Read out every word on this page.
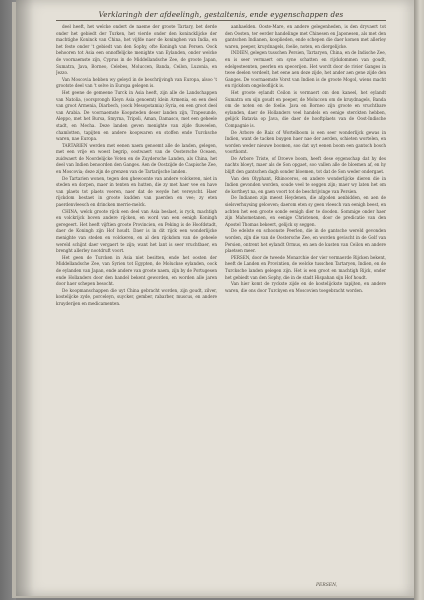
Verklaringh der afdeelingh, gestaltenis, ende eygenschappen des

deel heeft, het welcke ondert de naeme der groote Tartary, bet derde onder het gebiedt der Turken, het vierde onder den konincklijcke der machtighe Koninck van China, het vijfde naer de koninghen van India, en het feste onder 't gebiedt van den Sophy, ofte Koningh van Persen. Oock behooren tot Asia een onnoffelijcke menighte van Eylanden, onder welcke de voornaemste zijn, Cyprus in de Middellandsche Zee, de groote Japan, Sumatra, Java, Borneo, Celebes, Moluccen, Banda, Ceilon, Luzonia, en Jezzo.

Van Moscovia hebben wy geleyd in de beschrijvingh van Europa, alsoo 't grootste deel van 't selve in Europa gelegen is.

Het geene de gemeene Turck in Asia heeft, zijn alle de Landschappen van Natolia, (oorsprongh Kleyn Asia genoemt) klein Armenia, en een deel van groot Armenia, Diarbech, (oock Mesopotamia) Syria, en een groot deel van Arabia. De voornaemste Koopsteden deser landen zijn, Trapesunde, Aleppo, met het Bursa, Smyrna, Tripoli, Aman, Damasco, met een geheele stadt, en Mecha. Deze landen geven menighte van zijde fluweelen, chamlotten, tapijten en andere koopwaren en stoffen ende Turcksche waren, nae Europa.

TARTARIEN werden met eenen naem genoemt alle de landen, gelegen, met een vrije en woest begrip, oostwaert van de Oostersche Oceaen, zuidwaert de Noordelijcke Voten en de Zuydersche Landen, als China, het deel van Indien benoorden den Ganges. Aen de Oostzijde de Caspische Zee, en Moscovia; deze zijn de grenzen van de Tartarijsche landen.

De Tartarien wonen, tegen den ghewoonte van andere volckeren, niet in steden en dorpen, maer in tenten en hutten, die zy met haer vee en have van plaets tot plaets voeren, naer dat de weyde het vereyscht. Haer rijckdom bestaet in groote kudden van paerden en vee; zy eten paerdenvleesch en drincken merrie-melck.

CHINA, welck groote rijck een deel van Asia beslaet, is ryck, machtigh en volckrijck boven andere rijcken, en word van een eenigh Koningh geregeert. Het heeft vijftien groote Provincien, en Peking is de Hoofdstadt, daer de Koningh zijn Hof houdt. Daer is in dit rijck een wonderlijcke menighte van steden en volckeren, en al den rijckdom van de geheele wereld schijnt daer vergaert te zijn; want het lant is seer vruchtbaer, en brenght allerley nootdruft voort.

Het geen de Turcken in Asia niet besitten, ende het oosten der Middellandsche Zee, van Syrien tot Egypten, de Moluckse eylanden, oock de eylanden van Japan, ende andere van groote naem, zijn by de Portugesen ende Hollanders door den handel bekent geworden, en worden alle jaren door haer schepen besocht.

De koopmanschappen die uyt China gebracht worden, zijn goudt, zilver, kostelijcke zyde, porceleyn, suycker, gember, rabarber, muscus, en andere kruyderijen en medicamenten.

aanhaelden. Ooste-Mare, en andere gelegenheden, is den dryvaert tot den Oosten, ter eerder handelinge met Chinesen en Japonesen, als met den gantschen Indianen, kooplieden, ende schepen die daer komen met allerley waren, peeper, kruydnagels, foelie, noten, en diergelijcke.

INDIEN, gelegen tusschen Persien, Tartaryen, China, en de Indische Zee, en is seer vermaert om syne schatten en rijckdommen van goudt, edelgesteenten, peerlen en specerijen. Het wordt door de rivier Ganges in twee deelen verdeelt, het eene aen deze zijde, het ander aen gene zijde den Ganges. De voornaemste Vorst van Indien is de groote Mogol, wiens macht en rijckdom ongelooflijck is.

Het groote eylandt Ceilon is vermaert om den kaneel, het eylandt Sumatra om sijn goudt en peeper, de Moluccen om de kruydnagels, Banda om de noten en de foelie. Java en Borneo zijn groote en vruchtbare eylanden, daer de Hollanders veel handels en eenige sterckten hebben, gelijck Batavia op Java, die daer de hooftplaets van de Oost-Indische Compagnie is.

De Arbore de Raiz of Wortelboom is een seer wonderlijck gewas in Indien, want de tacken buygen haer nae der aerden, schieten wortelen, en worden weder nieuwe boomen, soo dat uyt eenen boom een gantsch bosch voortkomt.

De Arbore Triste, of Droeve boom, heeft dese eygenschap dat hy des nachts bloeyt, maer als de Son opgaet, soo vallen alle de bloemen af, en hy blijft den gantschen dagh sonder bloemen, tot dat de Son weder ondergaet.

Van den Olyphant, Rhinoceros, en andere wonderlijcke dieren die in Indien gevonden worden, soude veel te seggen zijn; maer wy laten het om de kortheyt na, en gaen voort tot de beschrijvinge van Persien.

De Indianen zijn meest Heydenen, die afgoden aenbidden, en aen de sielsverhuysing gelooven; daerom eten sy geen vleesch van eenigh beest, en achten het een groote sonde eenigh dier te dooden. Sommige onder haer zijn Mahometanen, en eenige Christenen, door de predicatie van den Apostel Thomas bekeert, gelijck sy seggen.

De edelste en schoonste Peerlen, die in de gantsche wereld gevonden worden, zijn die van de Oostersche Zee, en worden gevischt in de Golf van Persien, ontrent het eylandt Ormus, en aen de kusten van Ceilon en andere plaetsen meer.

PERSEN, door de tweede Monarchie der vier vermaerde Rijcken bekent, heeft de Landen en Provintien, de welcke tusschen Tartaryen, Indien, en de Turcksche landen gelegen zijn. Het is een groot en machtigh Rijck, onder het gebiedt van den Sophy, die in de stadt Hispahan sijn Hof houdt.

Van hier komt de ryckste zijde en de kostelijckste tapijten, en andere waren, die ons door Turckyen en Moscovien toegebracht worden.

PERSEN,
